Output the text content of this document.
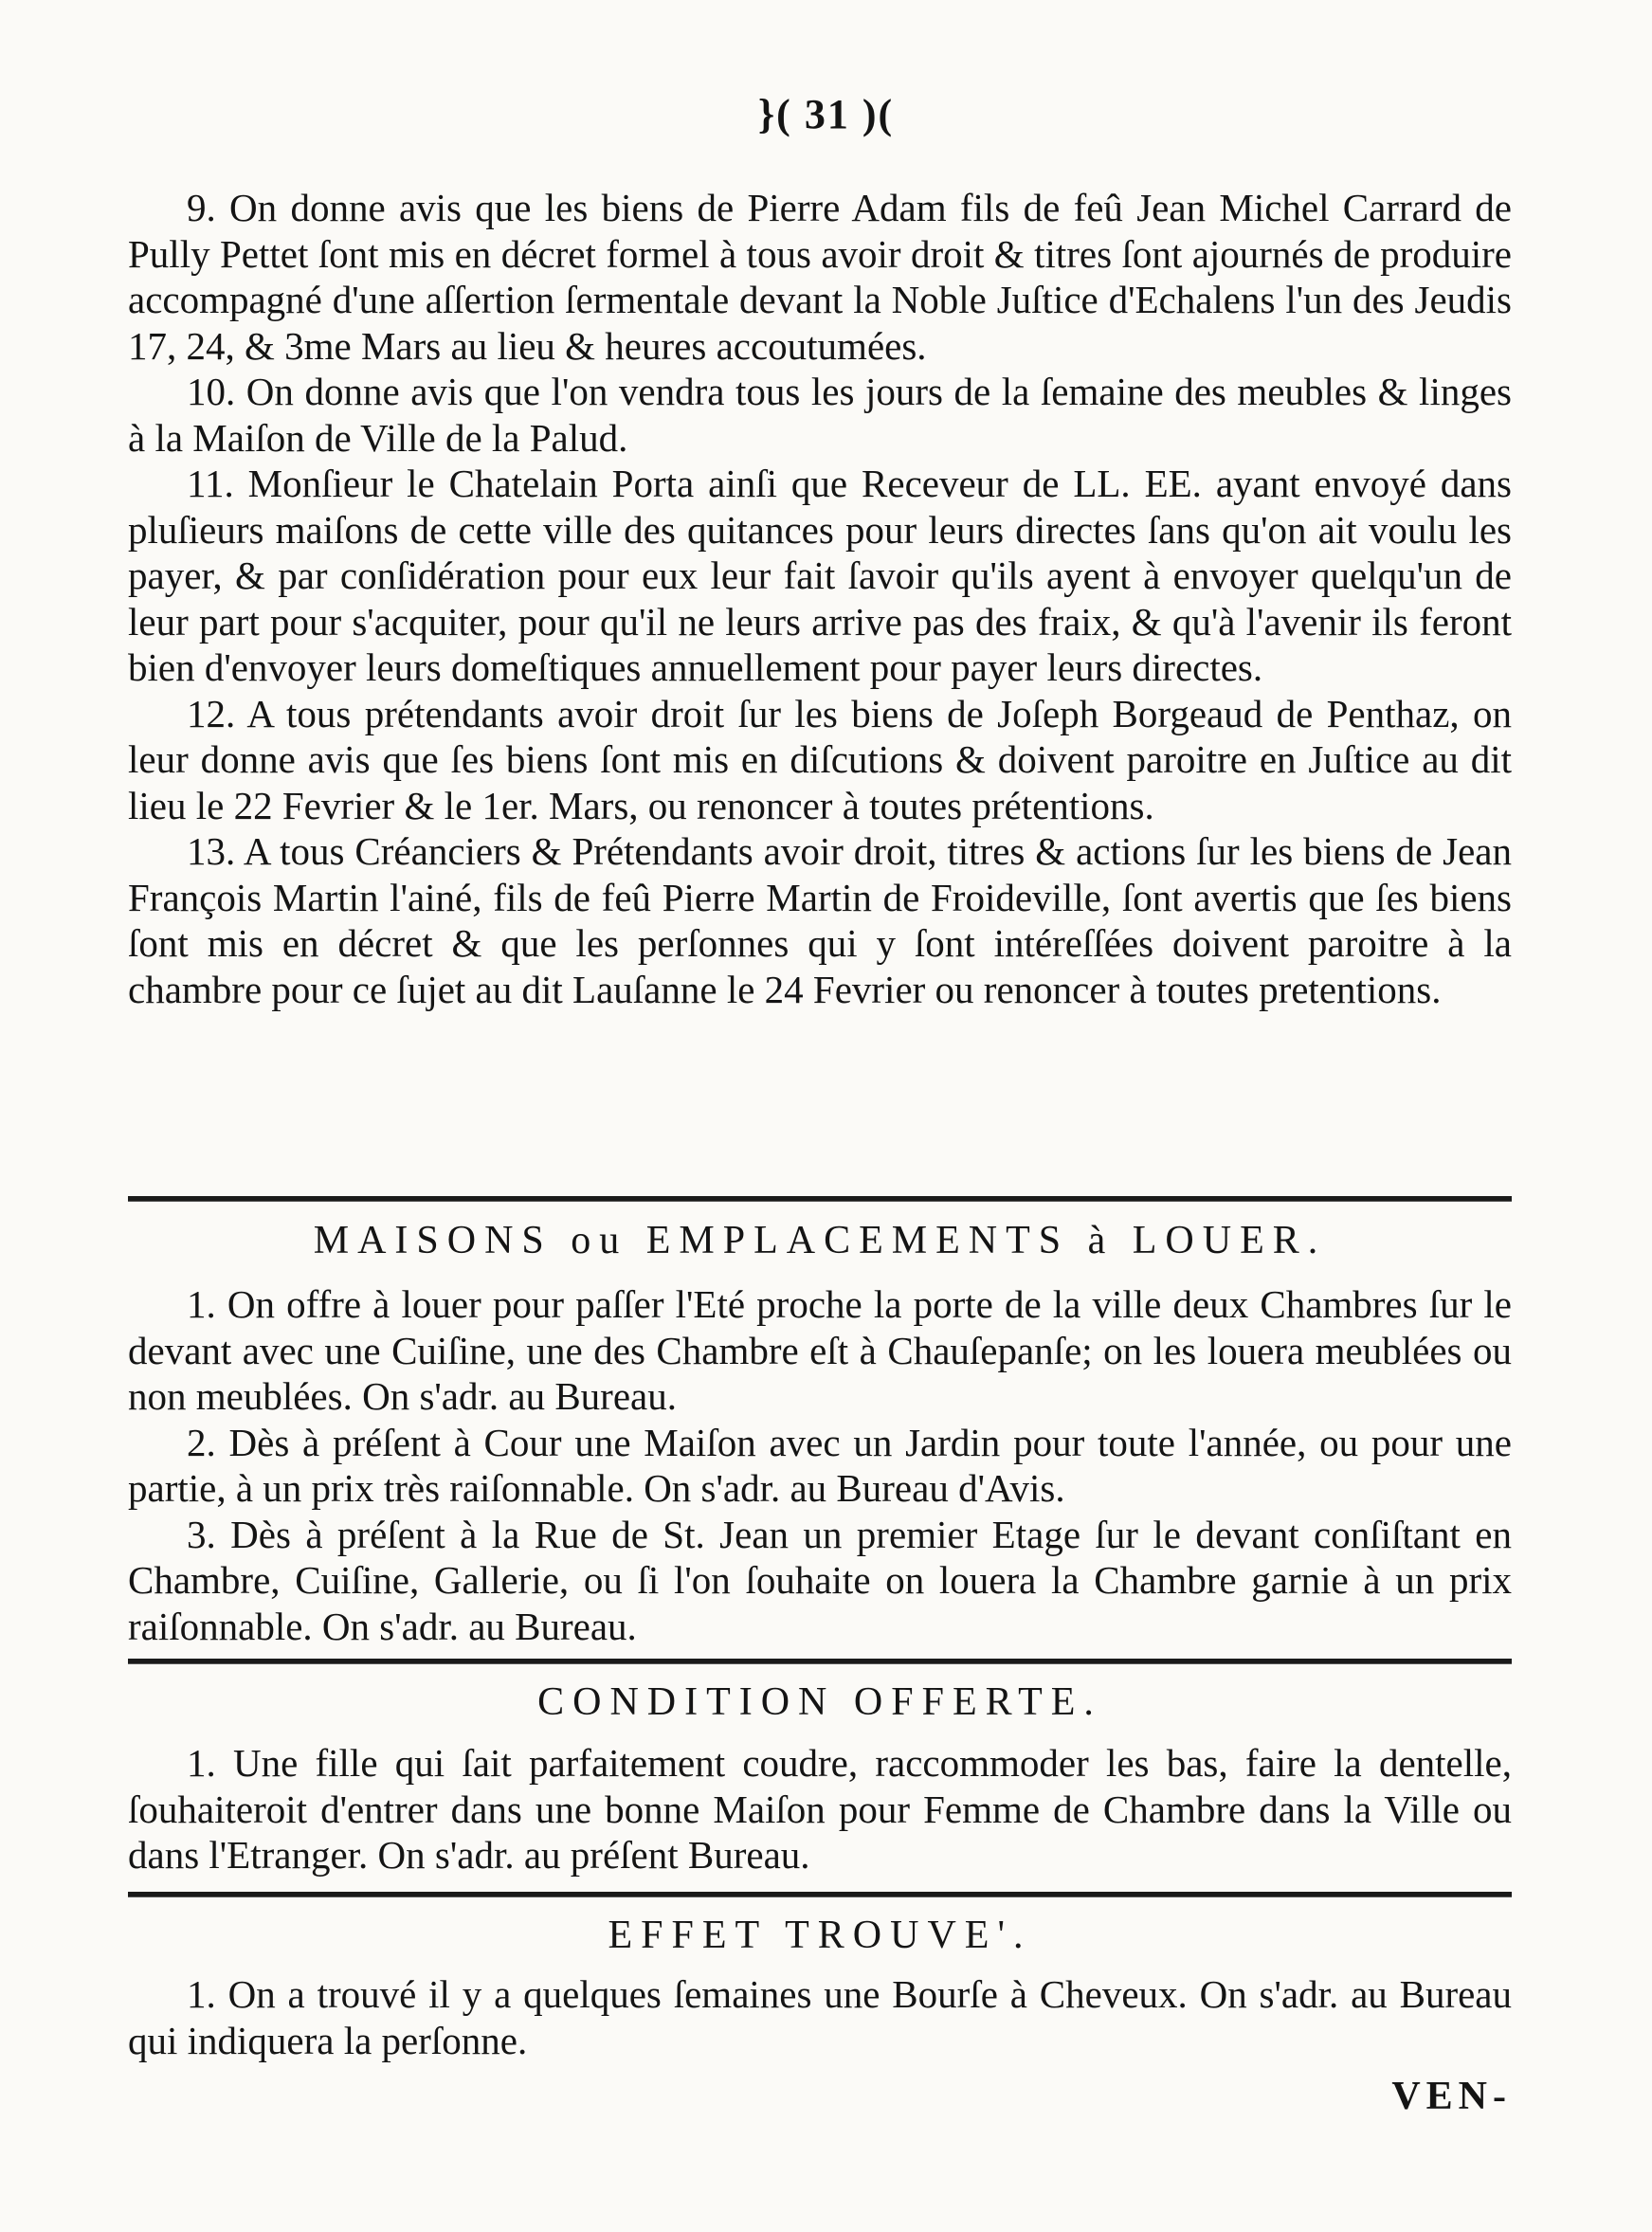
}( 31 )(

9. On donne avis que les biens de Pierre Adam fils de feû Jean Michel Carrard de Pully Pettet ſont mis en décret formel à tous avoir droit & titres ſont ajournés de produire accompagné d'une aſſertion ſermentale devant la Noble Juſtice d'Echalens l'un des Jeudis 17, 24, & 3me Mars au lieu & heures accoutumées.

10. On donne avis que l'on vendra tous les jours de la ſemaine des meubles & linges à la Maiſon de Ville de la Palud.

11. Monſieur le Chatelain Porta ainſi que Receveur de LL. EE. ayant envoyé dans pluſieurs maiſons de cette ville des quitances pour leurs directes ſans qu'on ait voulu les payer, & par conſidération pour eux leur fait ſavoir qu'ils ayent à envoyer quelqu'un de leur part pour s'acquiter, pour qu'il ne leurs arrive pas des fraix, & qu'à l'avenir ils feront bien d'envoyer leurs domeſtiques annuellement pour payer leurs directes.

12. A tous prétendants avoir droit ſur les biens de Joſeph Borgeaud de Penthaz, on leur donne avis que ſes biens ſont mis en diſcutions & doivent paroitre en Juſtice au dit lieu le 22 Fevrier & le 1er. Mars, ou renoncer à toutes prétentions.

13. A tous Créanciers & Prétendants avoir droit, titres & actions ſur les biens de Jean François Martin l'ainé, fils de feû Pierre Martin de Froideville, ſont avertis que ſes biens ſont mis en décret & que les perſonnes qui y ſont intéreſſées doivent paroitre à la chambre pour ce ſujet au dit Lauſanne le 24 Fevrier ou renoncer à toutes pretentions.

MAISONS ou EMPLACEMENTS à LOUER.

1. On offre à louer pour paſſer l'Eté proche la porte de la ville deux Chambres ſur le devant avec une Cuiſine, une des Chambre eſt à Chauſepanſe; on les louera meublées ou non meublées. On s'adr. au Bureau.

2. Dès à préſent à Cour une Maiſon avec un Jardin pour toute l'année, ou pour une partie, à un prix très raiſonnable. On s'adr. au Bureau d'Avis.

3. Dès à préſent à la Rue de St. Jean un premier Etage ſur le devant conſiſtant en Chambre, Cuiſine, Gallerie, ou ſi l'on ſouhaite on louera la Chambre garnie à un prix raiſonnable. On s'adr. au Bureau.

CONDITION OFFERTE.

1. Une fille qui ſait parfaitement coudre, raccommoder les bas, faire la dentelle, ſouhaiteroit d'entrer dans une bonne Maiſon pour Femme de Chambre dans la Ville ou dans l'Etranger. On s'adr. au préſent Bureau.

EFFET TROUVE'.

1. On a trouvé il y a quelques ſemaines une Bourſe à Cheveux. On s'adr. au Bureau qui indiquera la perſonne.

VEN-
